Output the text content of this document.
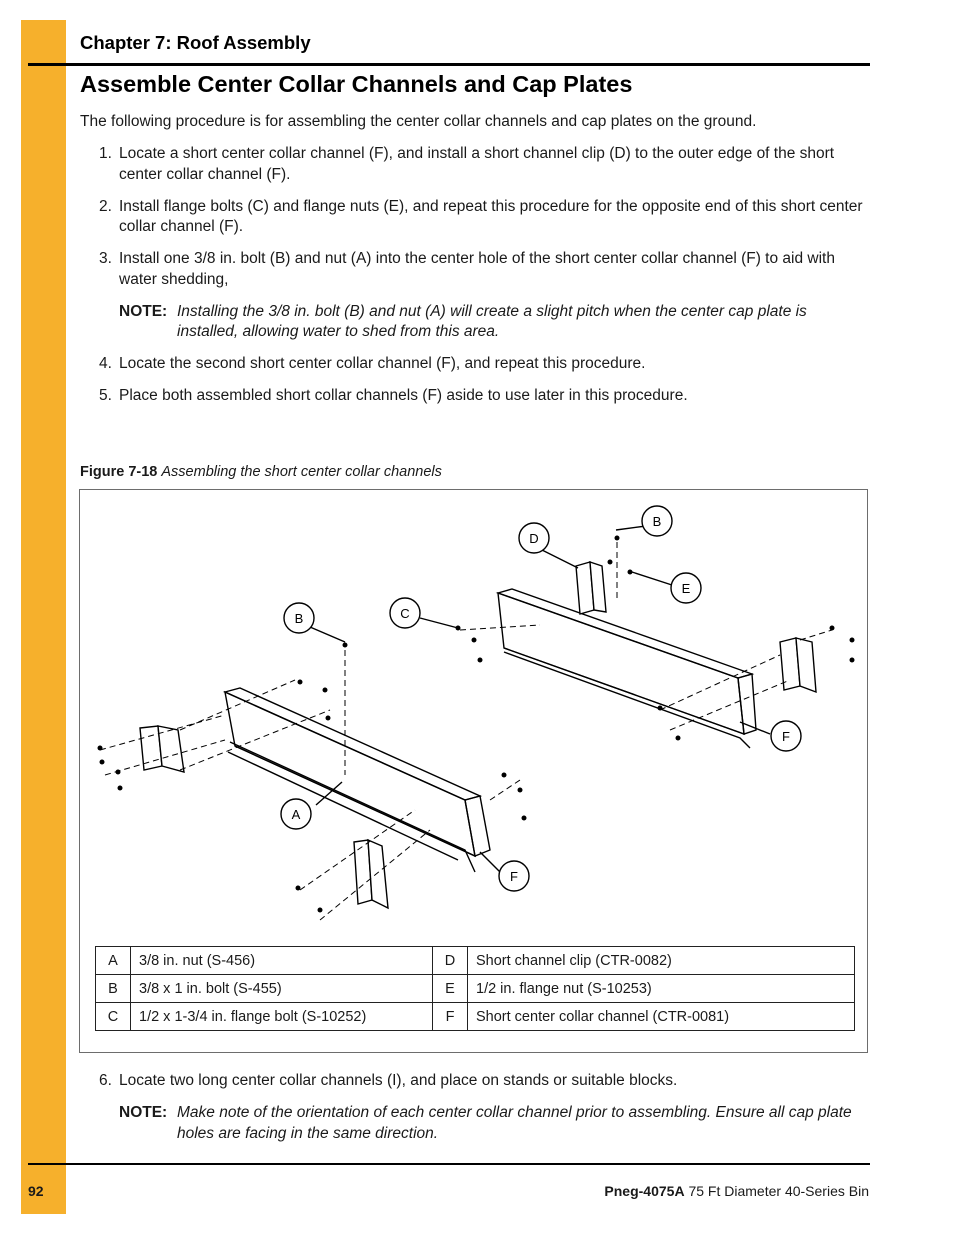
Chapter 7: Roof Assembly
Assemble Center Collar Channels and Cap Plates
The following procedure is for assembling the center collar channels and cap plates on the ground.
1. Locate a short center collar channel (F), and install a short channel clip (D) to the outer edge of the short center collar channel (F).
2. Install flange bolts (C) and flange nuts (E), and repeat this procedure for the opposite end of this short center collar channel (F).
3. Install one 3/8 in. bolt (B) and nut (A) into the center hole of the short center collar channel (F) to aid with water shedding,
NOTE: Installing the 3/8 in. bolt (B) and nut (A) will create a slight pitch when the center cap plate is installed, allowing water to shed from this area.
4. Locate the second short center collar channel (F), and repeat this procedure.
5. Place both assembled short collar channels (F) aside to use later in this procedure.
Figure 7-18 Assembling the short center collar channels
B
B
D
C
E
A
F
F
A	3/8 in. nut (S-456)	D	Short channel clip (CTR-0082)
B	3/8 x 1 in. bolt (S-455)	E	1/2 in. flange nut (S-10253)
C	1/2 x 1-3/4 in. flange bolt (S-10252)	F	Short center collar channel (CTR-0081)
6. Locate two long center collar channels (I), and place on stands or suitable blocks.
NOTE: Make note of the orientation of each center collar channel prior to assembling. Ensure all cap plate holes are facing in the same direction.
92	Pneg-4075A 75 Ft Diameter 40-Series Bin
